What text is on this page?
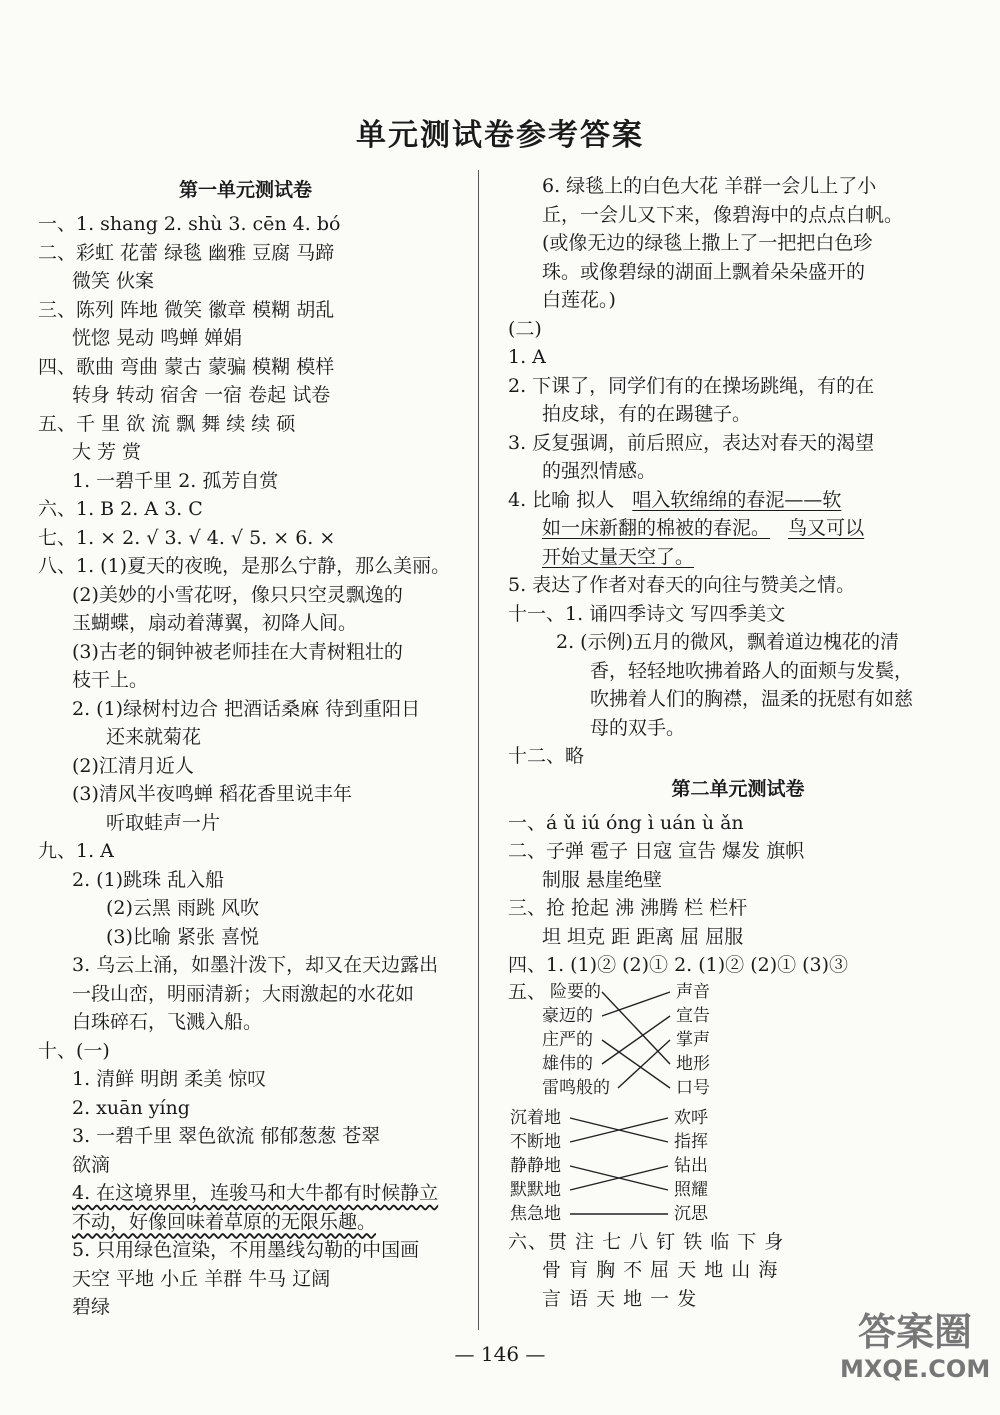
单元测试卷参考答案
第一单元测试卷
一、1. shang 2. shù 3. cēn 4. bó
二、彩虹 花蕾 绿毯 幽雅 豆腐 马蹄
微笑 伙案
三、陈列 阵地 微笑 徽章 模糊 胡乱
恍惚 晃动 鸣蝉 婵娟
四、歌曲 弯曲 蒙古 蒙骗 模糊 模样
转身 转动 宿舍 一宿 卷起 试卷
五、千 里 欲 流 飘 舞 续 续 硕
大 芳 赏
1. 一碧千里 2. 孤芳自赏
六、1. B 2. A 3. C
七、1. × 2. √ 3. √ 4. √ 5. × 6. ×
八、1. (1)夏天的夜晚，是那么宁静，那么美丽。
(2)美妙的小雪花呀，像只只空灵飘逸的
玉蝴蝶，扇动着薄翼，初降人间。
(3)古老的铜钟被老师挂在大青树粗壮的
枝干上。
2. (1)绿树村边合 把酒话桑麻 待到重阳日
还来就菊花
(2)江清月近人
(3)清风半夜鸣蝉 稻花香里说丰年
听取蛙声一片
九、1. A
2. (1)跳珠 乱入船
(2)云黑 雨跳 风吹
(3)比喻 紧张 喜悦
3. 乌云上涌，如墨汁泼下，却又在天边露出
一段山峦，明丽清新；大雨激起的水花如
白珠碎石，飞溅入船。
十、(一)
1. 清鲜 明朗 柔美 惊叹
2. xuān yíng
3. 一碧千里 翠色欲流 郁郁葱葱 苍翠
欲滴
4. 在这境界里，连骏马和大牛都有时候静立
不动，好像回味着草原的无限乐趣。
5. 只用绿色渲染，不用墨线勾勒的中国画
天空 平地 小丘 羊群 牛马 辽阔
碧绿
6. 绿毯上的白色大花 羊群一会儿上了小
丘，一会儿又下来，像碧海中的点点白帆。
(或像无边的绿毯上撒上了一把把白色珍
珠。或像碧绿的湖面上飘着朵朵盛开的
白莲花。)
(二)
1. A
2. 下课了，同学们有的在操场跳绳，有的在
拍皮球，有的在踢毽子。
3. 反复强调，前后照应，表达对春天的渴望
的强烈情感。
4. 比喻 拟人 唱入软绵绵的春泥——软
如一床新翻的棉被的春泥。 鸟又可以
开始丈量天空了。
5. 表达了作者对春天的向往与赞美之情。
十一、1. 诵四季诗文 写四季美文
2. (示例)五月的微风，飘着道边槐花的清
香，轻轻地吹拂着路人的面颊与发鬓，
吹拂着人们的胸襟，温柔的抚慰有如慈
母的双手。
十二、略
第二单元测试卷
一、á ǔ iú óng ì uán ù ǎn
二、子弹 雹子 日寇 宣告 爆发 旗帜
制服 悬崖绝壁
三、抢 抢起 沸 沸腾 栏 栏杆
坦 坦克 距 距离 屈 屈服
四、1. (1)② (2)① 2. (1)② (2)① (3)③
五、 险要的
豪迈的
庄严的
雄伟的
雷鸣般的
声音
宣告
掌声
地形
口号
沉着地
不断地
静静地
默默地
焦急地
欢呼
指挥
钻出
照耀
沉思
六、贯 注 七 八 钉 铁 临 下 身
骨 肓 胸 不 屈 天 地 山 海
言 语 天 地 一 发
— 146 —	答案圈
MXQE.COM
